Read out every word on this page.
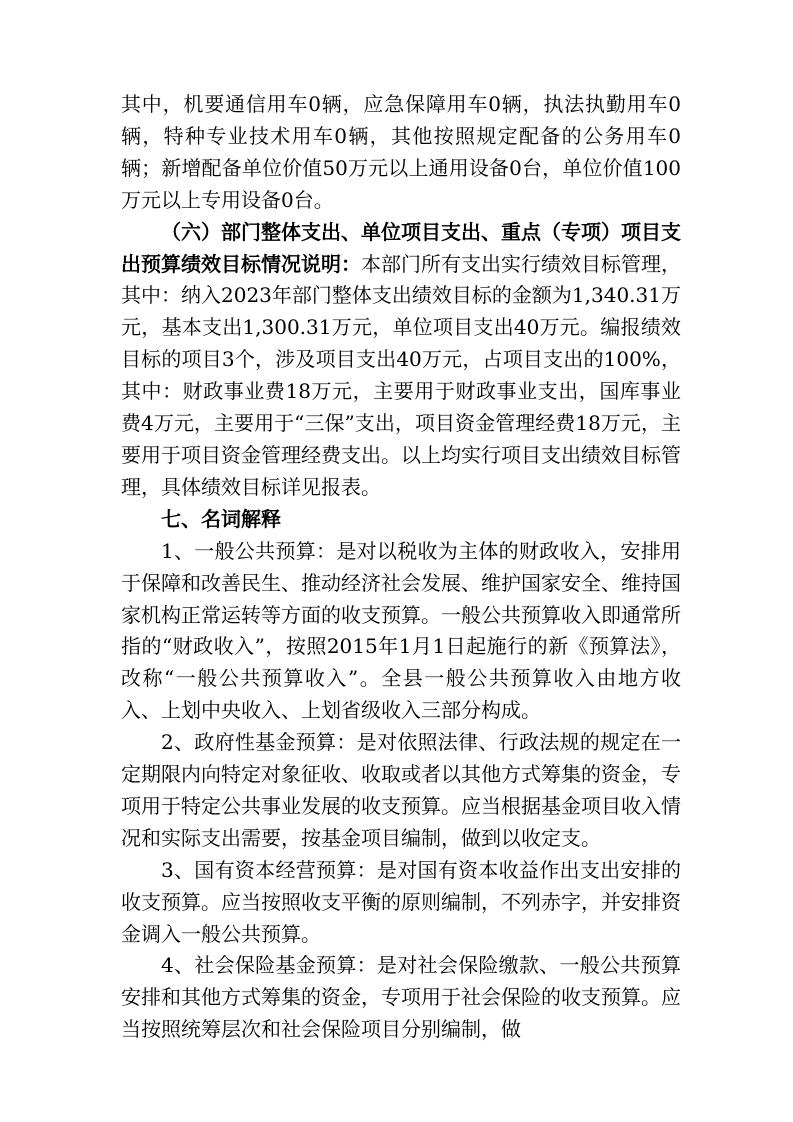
其中，机要通信用车0辆，应急保障用车0辆，执法执勤用车0辆，特种专业技术用车0辆，其他按照规定配备的公务用车0辆；新增配备单位价值50万元以上通用设备0台，单位价值100万元以上专用设备0台。

（六）部门整体支出、单位项目支出、重点（专项）项目支出预算绩效目标情况说明：本部门所有支出实行绩效目标管理，其中：纳入2023年部门整体支出绩效目标的金额为1,340.31万元，基本支出1,300.31万元，单位项目支出40万元。编报绩效目标的项目3个，涉及项目支出40万元，占项目支出的100%，其中：财政事业费18万元，主要用于财政事业支出，国库事业费4万元，主要用于“三保”支出，项目资金管理经费18万元，主要用于项目资金管理经费支出。以上均实行项目支出绩效目标管理，具体绩效目标详见报表。

七、名词解释

1、一般公共预算：是对以税收为主体的财政收入，安排用于保障和改善民生、推动经济社会发展、维护国家安全、维持国家机构正常运转等方面的收支预算。一般公共预算收入即通常所指的“财政收入”，按照2015年1月1日起施行的新《预算法》，改称“一般公共预算收入”。全县一般公共预算收入由地方收入、上划中央收入、上划省级收入三部分构成。

2、政府性基金预算：是对依照法律、行政法规的规定在一定期限内向特定对象征收、收取或者以其他方式筹集的资金，专项用于特定公共事业发展的收支预算。应当根据基金项目收入情况和实际支出需要，按基金项目编制，做到以收定支。

3、国有资本经营预算：是对国有资本收益作出支出安排的收支预算。应当按照收支平衡的原则编制，不列赤字，并安排资金调入一般公共预算。

4、社会保险基金预算：是对社会保险缴款、一般公共预算安排和其他方式筹集的资金，专项用于社会保险的收支预算。应当按照统筹层次和社会保险项目分别编制，做
